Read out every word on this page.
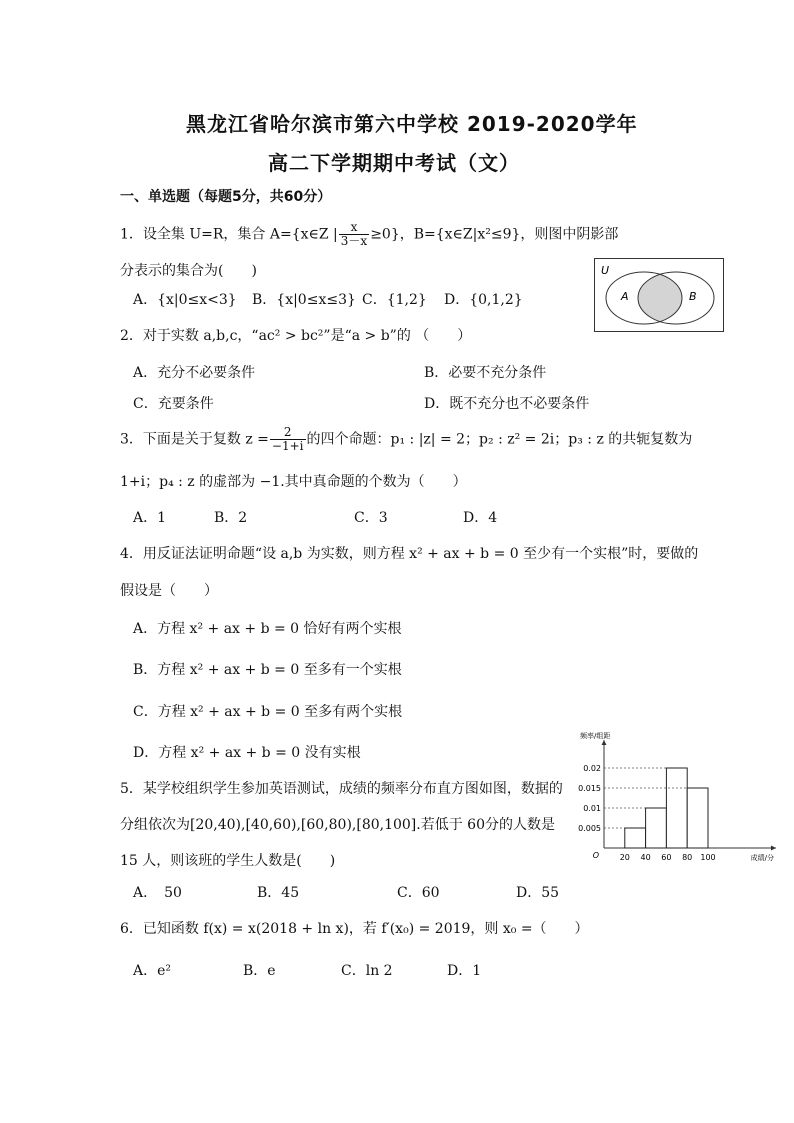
黑龙江省哈尔滨市第六中学校 2019-2020学年
高二下学期期中考试（文）
一、单选题（每题5分，共60分）
1．设全集 U=R，集合 A={x∈Z | $\frac{x}{3-x} \ge 0$}，B={x∈Z|x²≤9}，则图中阴影部
分表示的集合为(　　)
A．{x|0≤x<3} B．{x|0≤x≤3} C．{1,2} D．{0,1,2}
U
A	B
2．对于实数 a,b,c，“ac² > bc²”是“a > b”的 （　　）
A．充分不必要条件	B．必要不充分条件
C．充要条件	D．既不充分也不必要条件
3．下面是关于复数 $z = \frac{2}{-1+i}$ 的四个命题：p₁ : |z| = 2；p₂ : z² = 2i；p₃ : z 的共轭复数为
1+i；p₄ : z 的虚部为 −1.其中真命题的个数为（　　）
A．1	B．2	C．3	D．4
4．用反证法证明命题“设 a,b 为实数，则方程 x² + ax + b = 0 至少有一个实根”时，要做的
假设是（　　）
A．方程 x² + ax + b = 0 恰好有两个实根
B．方程 x² + ax + b = 0 至多有一个实根
C．方程 x² + ax + b = 0 至多有两个实根
D．方程 x² + ax + b = 0 没有实根
5．某学校组织学生参加英语测试，成绩的频率分布直方图如图，数据的
分组依次为[20,40),[40,60),[60,80),[80,100].若低于 60分的人数是
15 人，则该班的学生人数是(　　)
A．　50	B．45	C．60	D．55
0.005
0.01
0.015
0.02
20 40 60 80 100
O
频率/组距
成绩/分
6．已知函数 f(x) = x(2018 + ln x)，若 f′(x₀) = 2019，则 x₀ =（　　）
A．e²	B．e	C．ln 2	D．1
